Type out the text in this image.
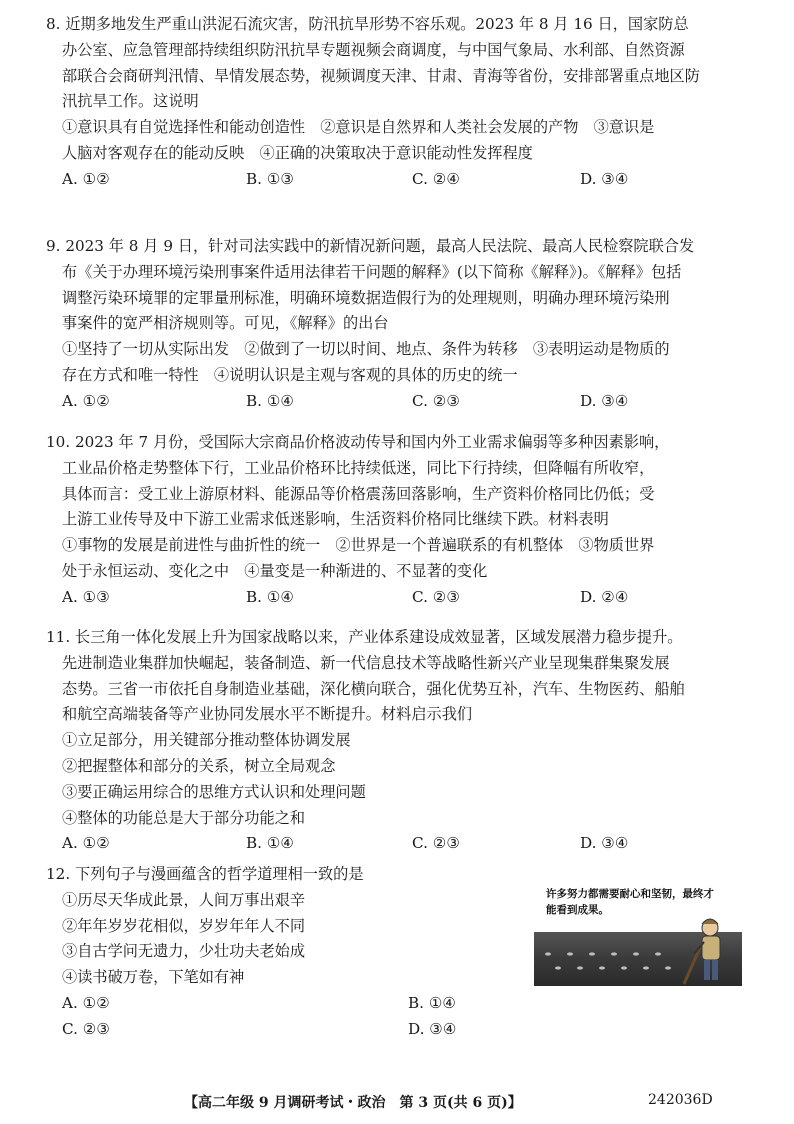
8. 近期多地发生严重山洪泥石流灾害，防汛抗旱形势不容乐观。2023 年 8 月 16 日，国家防总
办公室、应急管理部持续组织防汛抗旱专题视频会商调度，与中国气象局、水利部、自然资源
部联合会商研判汛情、旱情发展态势，视频调度天津、甘肃、青海等省份，安排部署重点地区防
汛抗旱工作。这说明
①意识具有自觉选择性和能动创造性　②意识是自然界和人类社会发展的产物　③意识是
人脑对客观存在的能动反映　④正确的决策取决于意识能动性发挥程度
A. ①②	B. ①③	C. ②④	D. ③④
9. 2023 年 8 月 9 日，针对司法实践中的新情况新问题，最高人民法院、最高人民检察院联合发
布《关于办理环境污染刑事案件适用法律若干问题的解释》(以下简称《解释》)。《解释》包括
调整污染环境罪的定罪量刑标准，明确环境数据造假行为的处理规则，明确办理环境污染刑
事案件的宽严相济规则等。可见，《解释》的出台
①坚持了一切从实际出发　②做到了一切以时间、地点、条件为转移　③表明运动是物质的
存在方式和唯一特性　④说明认识是主观与客观的具体的历史的统一
A. ①②	B. ①④	C. ②③	D. ③④
10. 2023 年 7 月份，受国际大宗商品价格波动传导和国内外工业需求偏弱等多种因素影响，
工业品价格走势整体下行，工业品价格环比持续低迷，同比下行持续，但降幅有所收窄，
具体而言：受工业上游原材料、能源品等价格震荡回落影响，生产资料价格同比仍低；受
上游工业传导及中下游工业需求低迷影响，生活资料价格同比继续下跌。材料表明
①事物的发展是前进性与曲折性的统一　②世界是一个普遍联系的有机整体　③物质世界
处于永恒运动、变化之中　④量变是一种渐进的、不显著的变化
A. ①③	B. ①④	C. ②③	D. ②④
11. 长三角一体化发展上升为国家战略以来，产业体系建设成效显著，区域发展潜力稳步提升。
先进制造业集群加快崛起，装备制造、新一代信息技术等战略性新兴产业呈现集群集聚发展
态势。三省一市依托自身制造业基础，深化横向联合，强化优势互补，汽车、生物医药、船舶
和航空高端装备等产业协同发展水平不断提升。材料启示我们
①立足部分，用关键部分推动整体协调发展
②把握整体和部分的关系，树立全局观念
③要正确运用综合的思维方式认识和处理问题
④整体的功能总是大于部分功能之和
A. ①②	B. ①④	C. ②③	D. ③④
12. 下列句子与漫画蕴含的哲学道理相一致的是
①历尽天华成此景，人间万事出艰辛
②年年岁岁花相似，岁岁年年人不同
③自古学问无遗力，少壮功夫老始成
④读书破万卷，下笔如有神
A. ①②	B. ①④
C. ②③	D. ③④
许多努力都需要耐心和坚韧，最终才能看到成果。
【高二年级 9 月调研考试・政治　第 3 页(共 6 页)】	242036D
